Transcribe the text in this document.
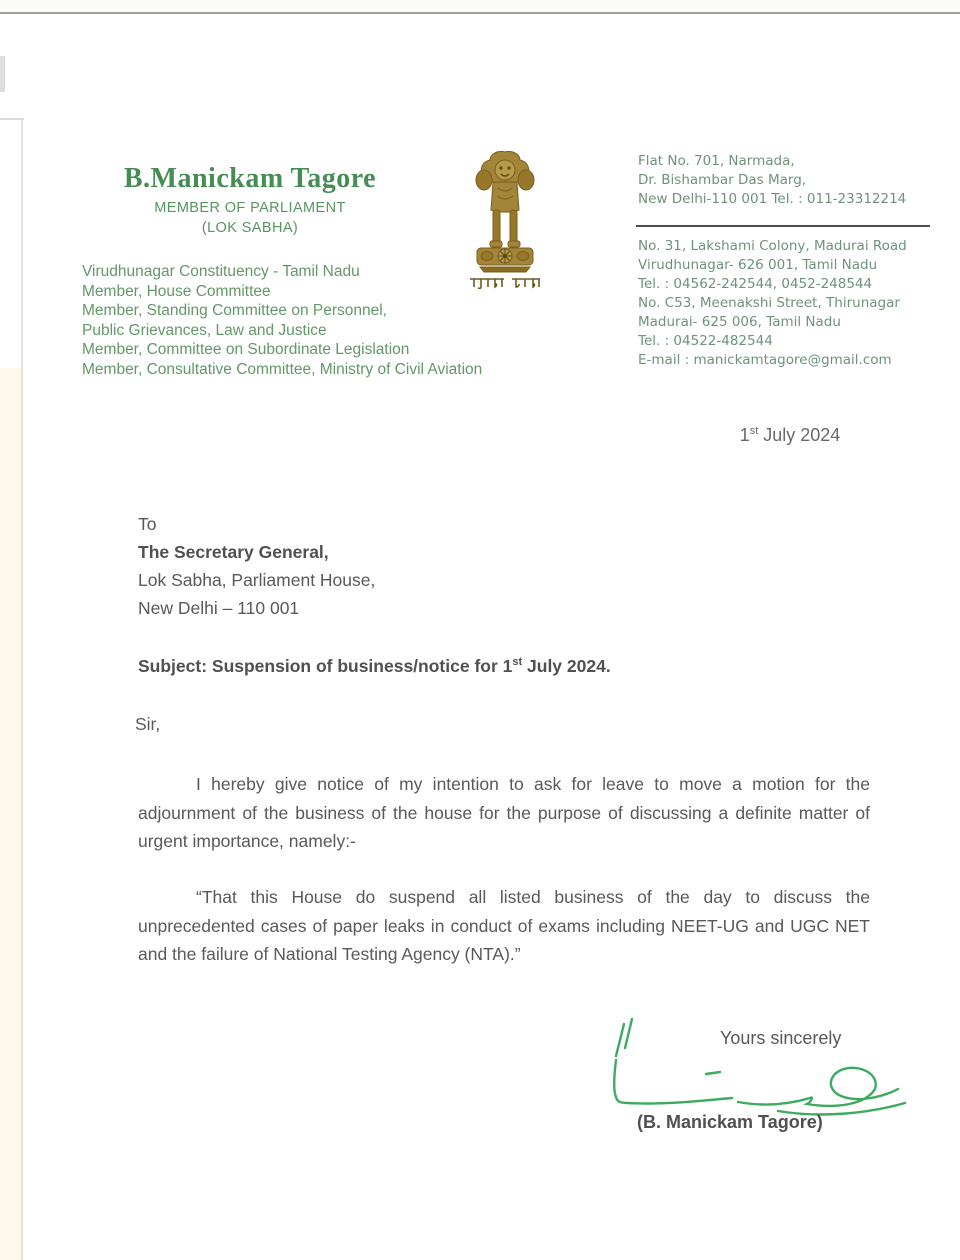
B.Manickam Tagore
MEMBER OF PARLIAMENT
(LOK SABHA)
Virudhunagar Constituency - Tamil Nadu
Member, House Committee
Member, Standing Committee on Personnel,
Public Grievances, Law and Justice
Member, Committee on Subordinate Legislation
Member, Consultative Committee, Ministry of Civil Aviation
Flat No. 701, Narmada,
Dr. Bishambar Das Marg,
New Delhi-110 001 Tel. : 011-23312214
No. 31, Lakshami Colony, Madurai Road
Virudhunagar- 626 001, Tamil Nadu
Tel. : 04562-242544, 0452-248544
No. C53, Meenakshi Street, Thirunagar
Madurai- 625 006, Tamil Nadu
Tel. : 04522-482544
E-mail : manickamtagore@gmail.com
1st July 2024
To
The Secretary General,
Lok Sabha, Parliament House,
New Delhi – 110 001
Subject: Suspension of business/notice for 1st July 2024.
Sir,
I hereby give notice of my intention to ask for leave to move a motion for the adjournment of the business of the house for the purpose of discussing a definite matter of urgent importance, namely:-
“That this House do suspend all listed business of the day to discuss the unprecedented cases of paper leaks in conduct of exams including NEET-UG and UGC NET and the failure of National Testing Agency (NTA).”
Yours sincerely
(B. Manickam Tagore)
